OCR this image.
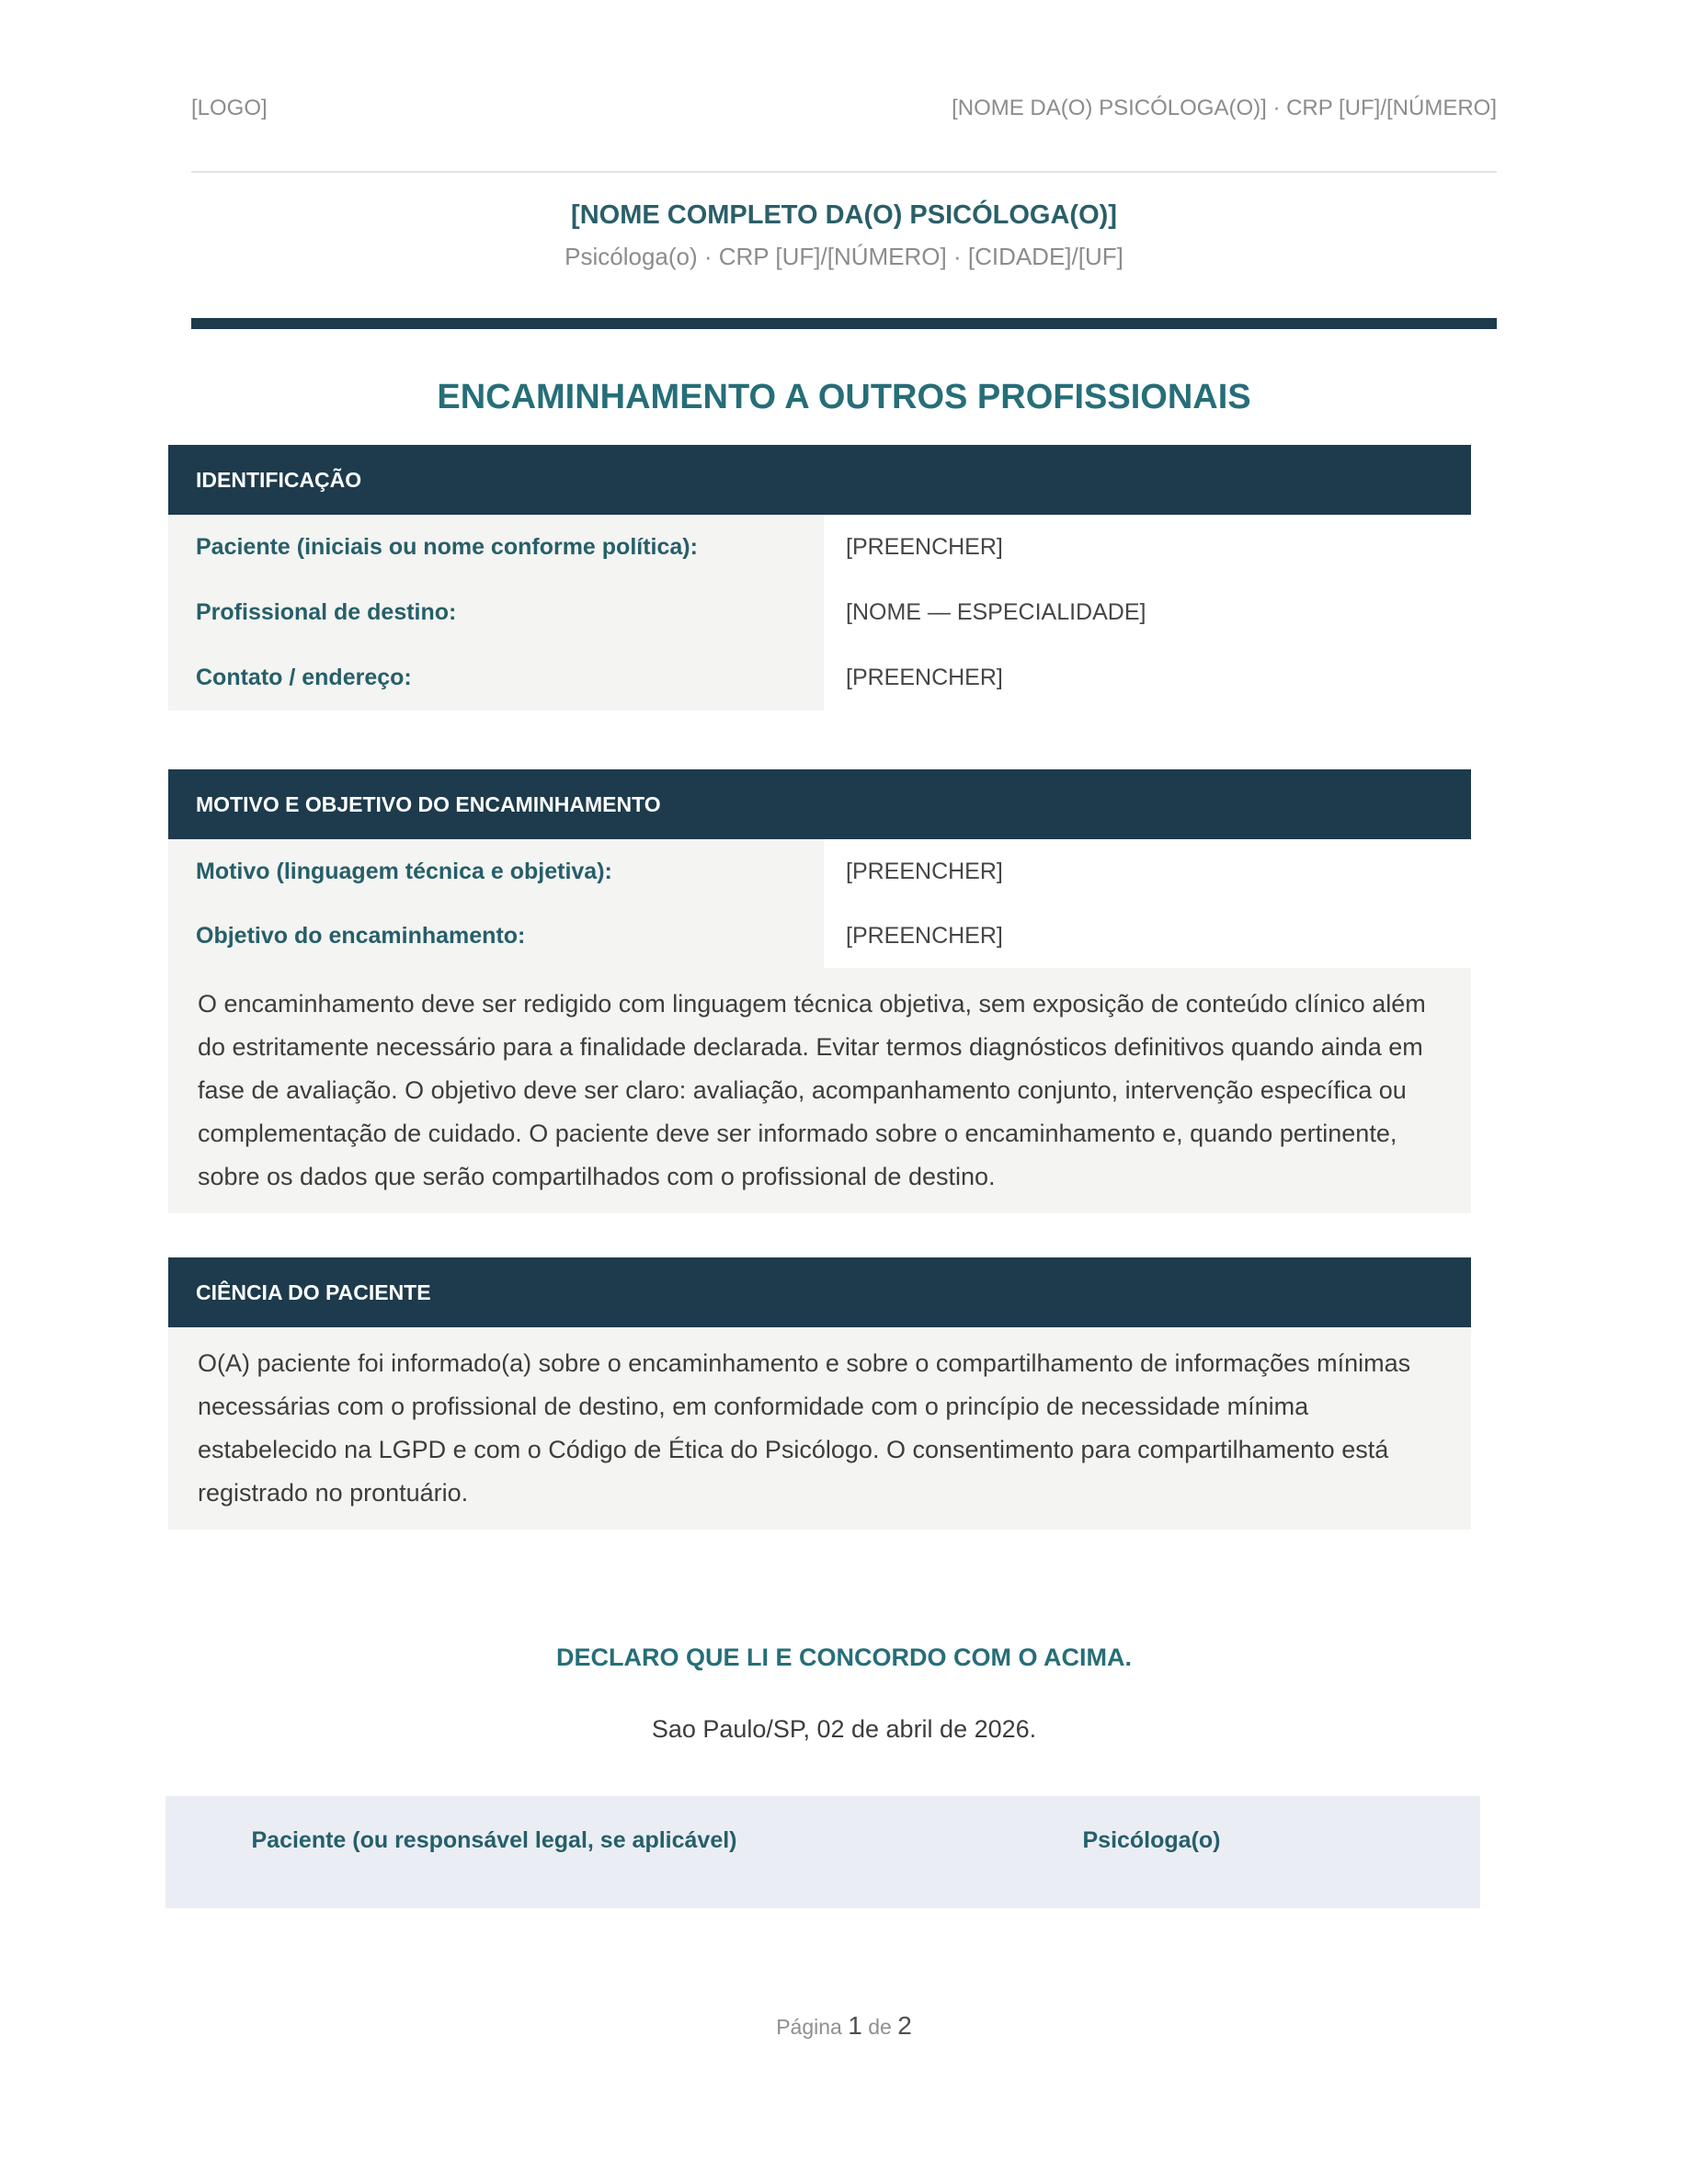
[LOGO]	[NOME DA(O) PSICÓLOGA(O)] · CRP [UF]/[NÚMERO]
[NOME COMPLETO DA(O) PSICÓLOGA(O)]
Psicóloga(o) · CRP [UF]/[NÚMERO] · [CIDADE]/[UF]
ENCAMINHAMENTO A OUTROS PROFISSIONAIS
IDENTIFICAÇÃO
Paciente (iniciais ou nome conforme política):	[PREENCHER]
Profissional de destino:	[NOME — ESPECIALIDADE]
Contato / endereço:	[PREENCHER]
MOTIVO E OBJETIVO DO ENCAMINHAMENTO
Motivo (linguagem técnica e objetiva):	[PREENCHER]
Objetivo do encaminhamento:	[PREENCHER]
O encaminhamento deve ser redigido com linguagem técnica objetiva, sem exposição de conteúdo clínico além do estritamente necessário para a finalidade declarada. Evitar termos diagnósticos definitivos quando ainda em fase de avaliação. O objetivo deve ser claro: avaliação, acompanhamento conjunto, intervenção específica ou complementação de cuidado. O paciente deve ser informado sobre o encaminhamento e, quando pertinente, sobre os dados que serão compartilhados com o profissional de destino.
CIÊNCIA DO PACIENTE
O(A) paciente foi informado(a) sobre o encaminhamento e sobre o compartilhamento de informações mínimas necessárias com o profissional de destino, em conformidade com o princípio de necessidade mínima estabelecido na LGPD e com o Código de Ética do Psicólogo. O consentimento para compartilhamento está registrado no prontuário.
DECLARO QUE LI E CONCORDO COM O ACIMA.
Sao Paulo/SP, 02 de abril de 2026.
Paciente (ou responsável legal, se aplicável)	Psicóloga(o)
Página 1 de 2
